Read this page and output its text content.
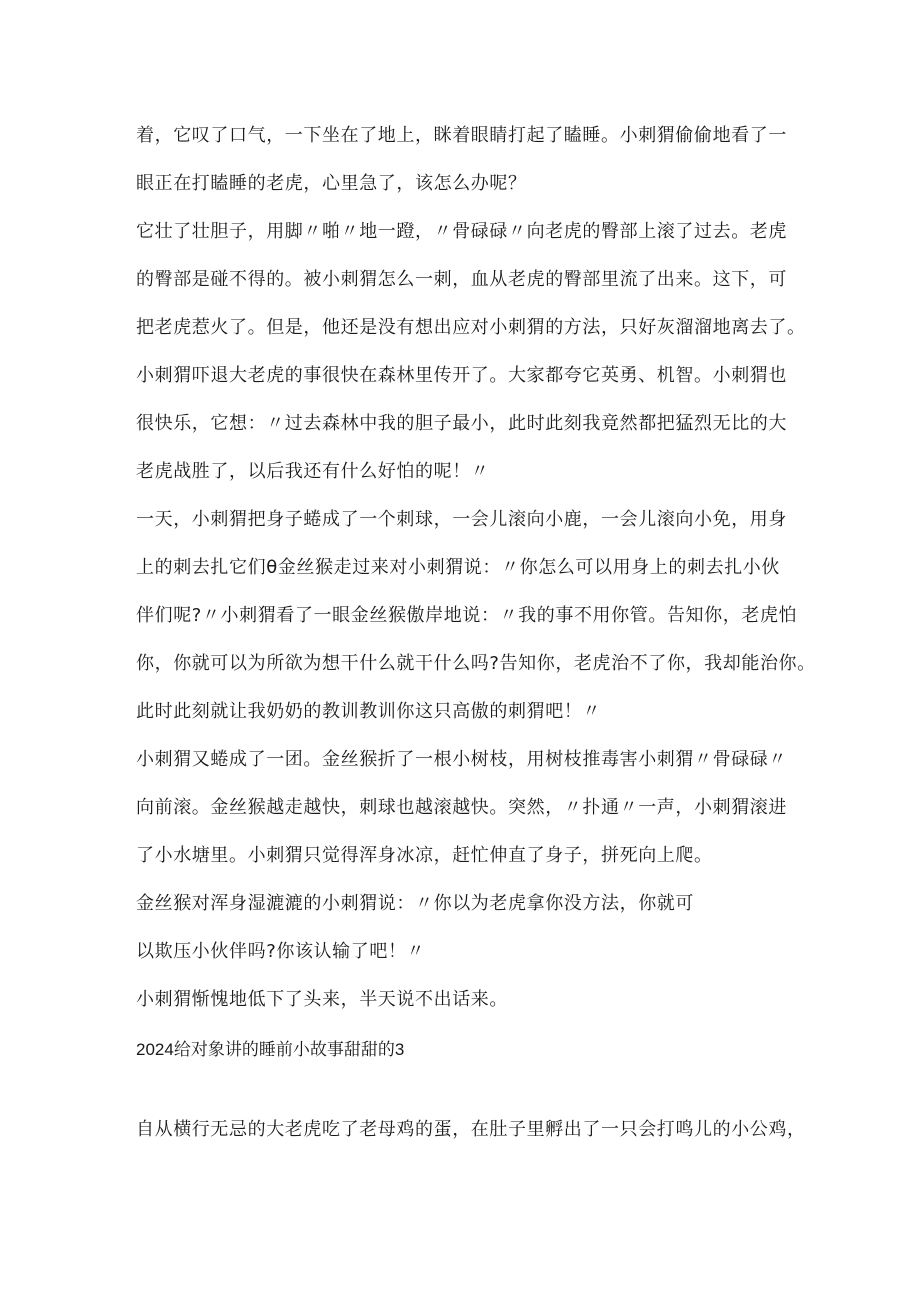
着，它叹了口气，一下坐在了地上，眯着眼睛打起了瞌睡。小刺猬偷偷地看了一
眼正在打瞌睡的老虎，心里急了，该怎么办呢？
它壮了壮胆子，用脚〃啪〃地一蹬，〃骨碌碌〃向老虎的臀部上滚了过去。老虎
的臀部是碰不得的。被小刺猬怎么一刺，血从老虎的臀部里流了出来。这下，可
把老虎惹火了。但是，他还是没有想出应对小刺猬的方法，只好灰溜溜地离去了。
小刺猬吓退大老虎的事很快在森林里传开了。大家都夸它英勇、机智。小刺猬也
很快乐，它想：〃过去森林中我的胆子最小，此时此刻我竟然都把猛烈无比的大
老虎战胜了，以后我还有什么好怕的呢！〃
一天，小刺猬把身子蜷成了一个刺球，一会儿滚向小鹿，一会儿滚向小免，用身
上的刺去扎它们θ金丝猴走过来对小刺猬说：〃你怎么可以用身上的刺去扎小伙
伴们呢?〃小刺猬看了一眼金丝猴傲岸地说：〃我的事不用你管。告知你，老虎怕
你，你就可以为所欲为想干什么就干什么吗?告知你，老虎治不了你，我却能治你。
此时此刻就让我奶奶的教训教训你这只高傲的刺猬吧！〃
小刺猬又蜷成了一团。金丝猴折了一根小树枝，用树枝推毒害小刺猬〃骨碌碌〃
向前滚。金丝猴越走越快，刺球也越滚越快。突然，〃扑通〃一声，小刺猬滚进
了小水塘里。小刺猬只觉得浑身冰凉，赶忙伸直了身子，拼死向上爬。
金丝猴对浑身湿漉漉的小刺猬说：〃你以为老虎拿你没方法，你就可
以欺压小伙伴吗?你该认输了吧！〃
小刺猬惭愧地低下了头来，半天说不出话来。
2024给对象讲的睡前小故事甜甜的3
自从横行无忌的大老虎吃了老母鸡的蛋，在肚子里孵出了一只会打鸣儿的小公鸡，
